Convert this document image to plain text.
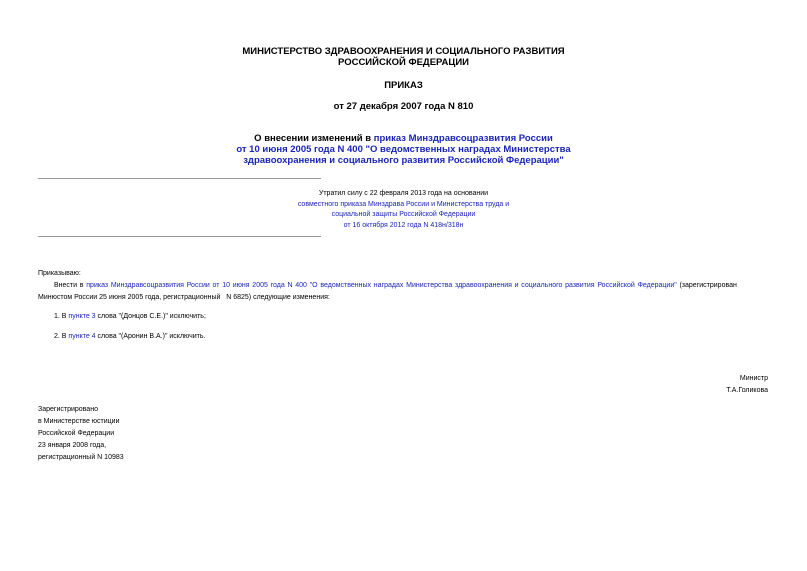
МИНИСТЕРСТВО ЗДРАВООХРАНЕНИЯ И СОЦИАЛЬНОГО РАЗВИТИЯ
РОССИЙСКОЙ ФЕДЕРАЦИИ
ПРИКАЗ
от 27 декабря 2007 года N 810
О внесении изменений в приказ Минздравсоцразвития России
от 10 июня 2005 года N 400 "О ведомственных наградах Министерства
здравоохранения и социального развития Российской Федерации"
Утратил силу с 22 февраля 2013 года на основании
совместного приказа Минздрава России и Министерства труда и
социальной защиты Российской Федерации
от 16 октября 2012 года N 418н/318н
Приказываю:
Внести в приказ Минздравсоцразвития России от 10 июня 2005 года N 400 "О ведомственных наградах Министерства здравоохранения и социального развития Российской Федерации" (зарегистрирован
Минюстом России 25 июня 2005 года, регистрационный   N 6825) следующие изменения:
1. В пункте 3 слова "(Донцов С.Е.)" исключить;
2. В пункте 4 слова "(Аронин В.А.)" исключить.
Министр
Т.А.Голикова
Зарегистрировано
в Министерстве юстиции
Российской Федерации
23 января 2008 года,
регистрационный N 10983
